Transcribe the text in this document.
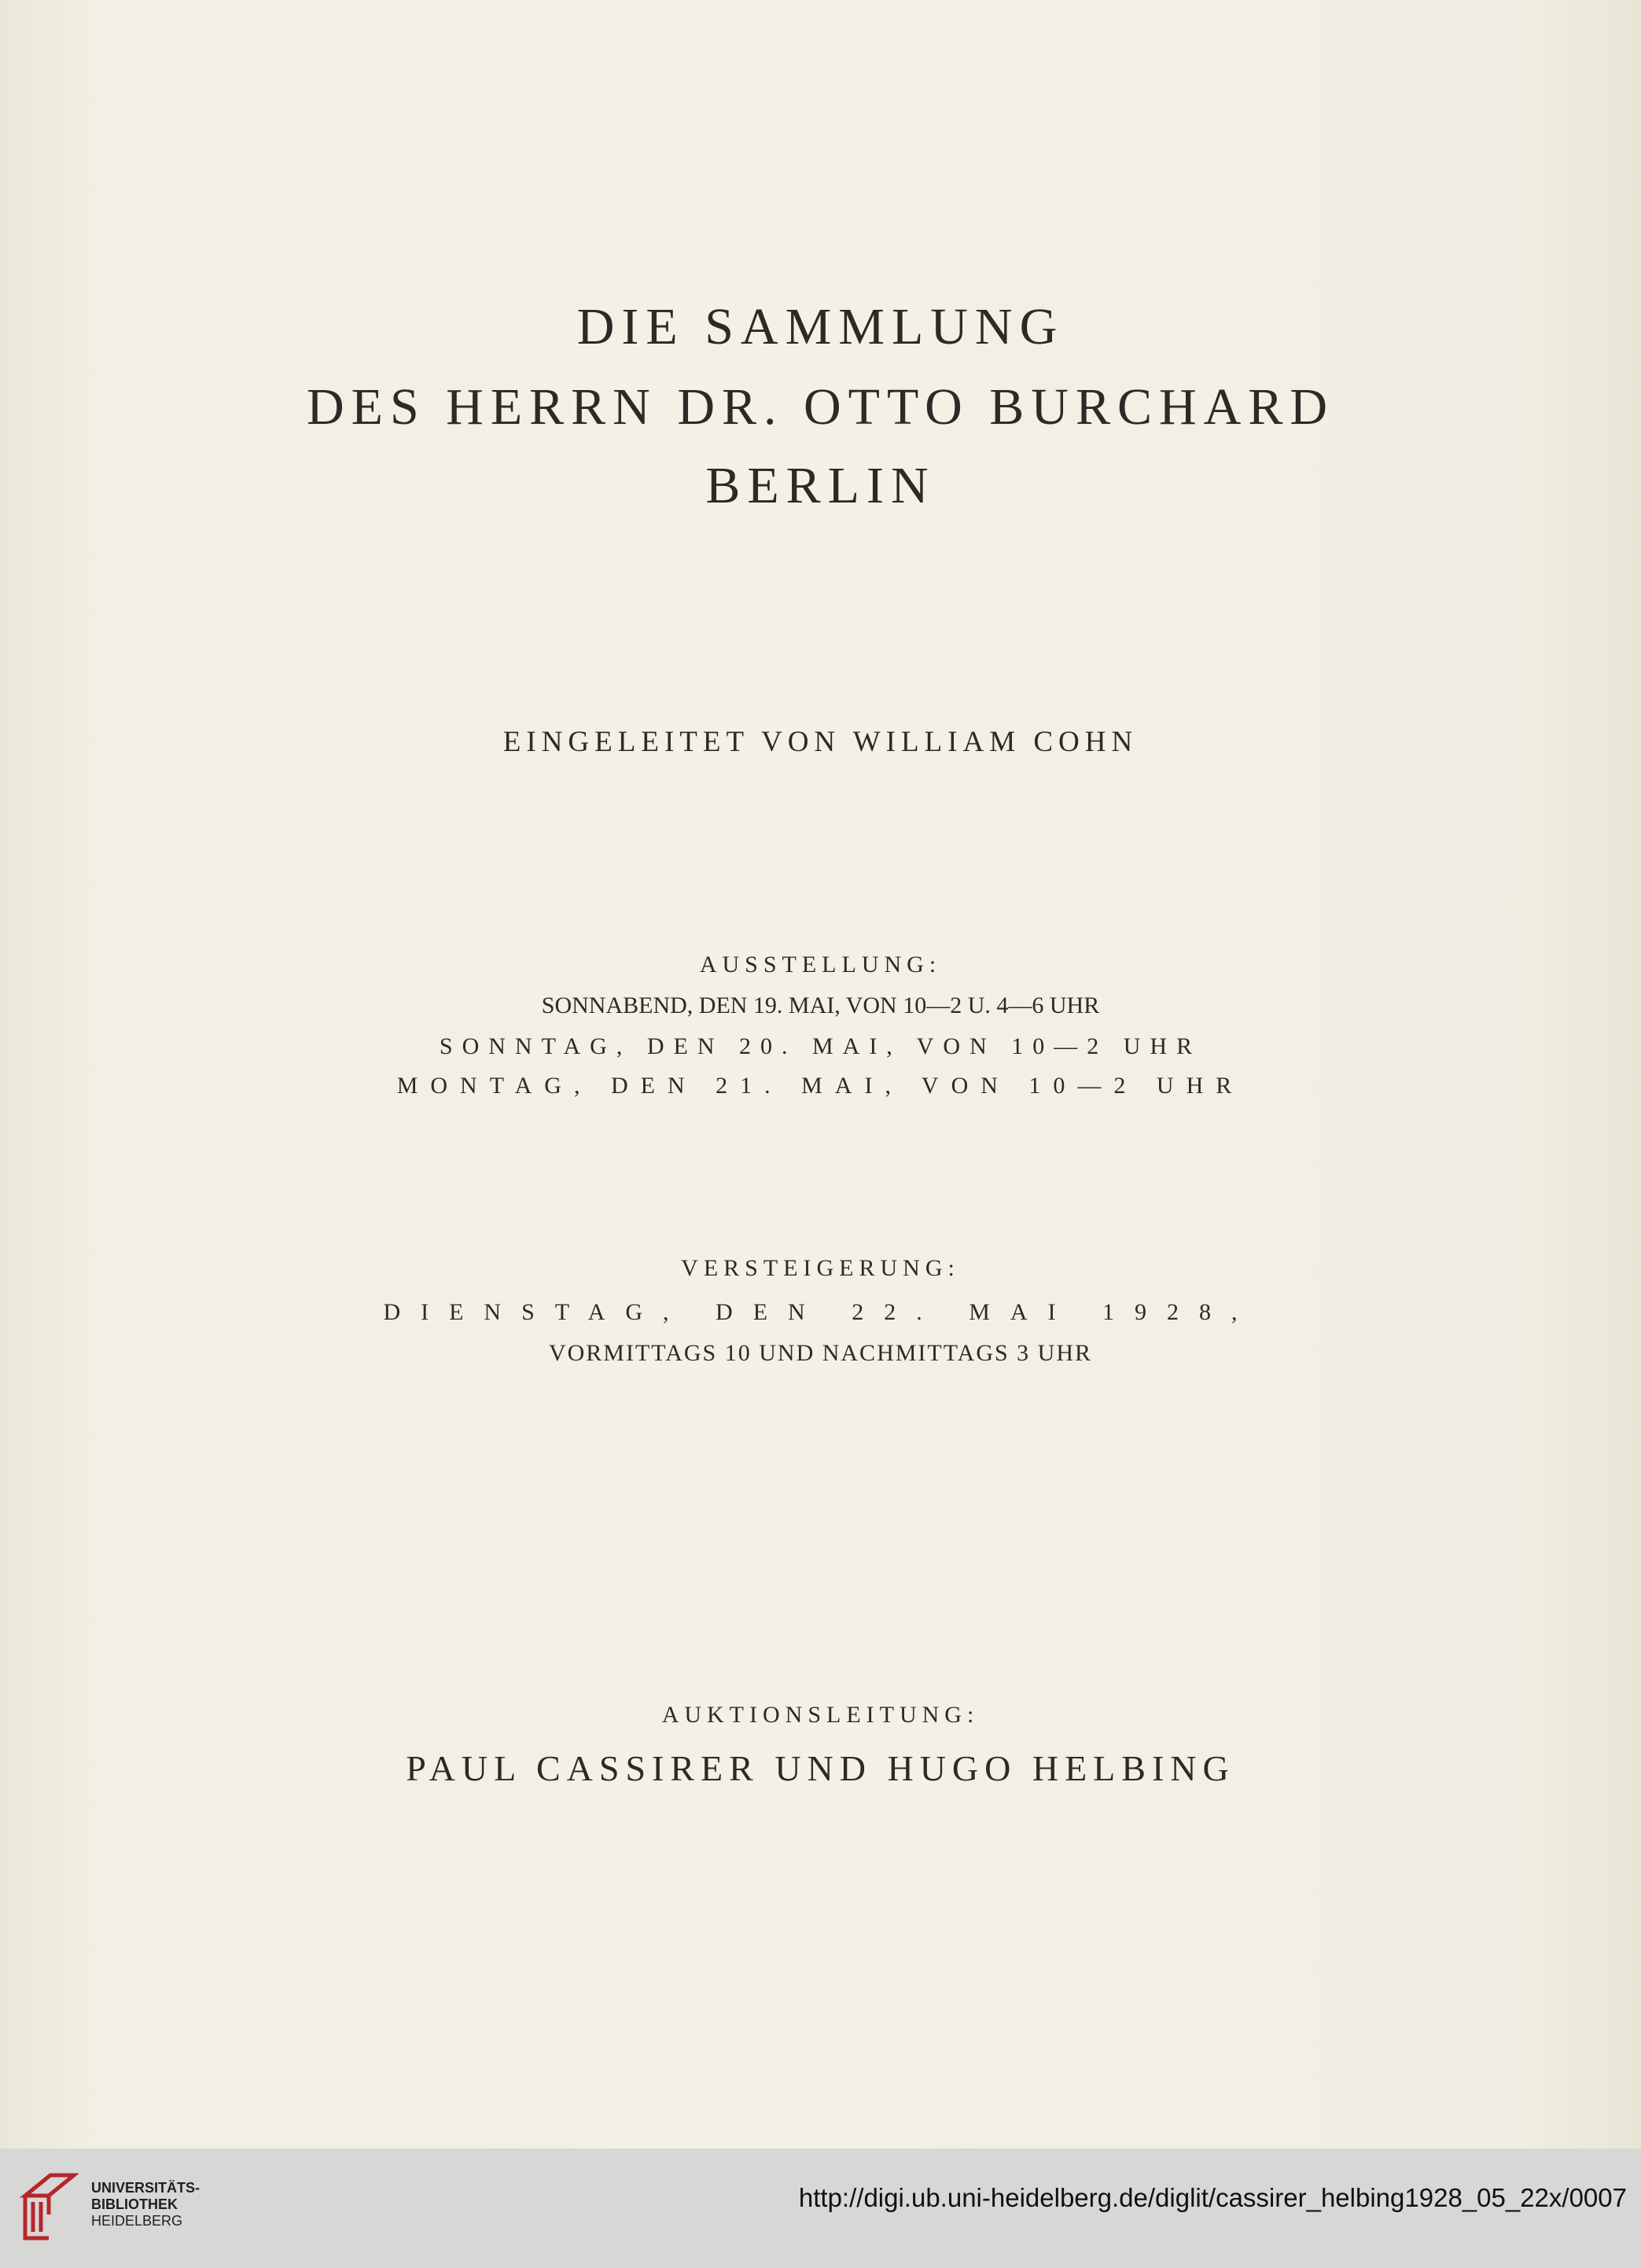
DIE SAMMLUNG
DES HERRN DR. OTTO BURCHARD
BERLIN
EINGELEITET VON WILLIAM COHN
AUSSTELLUNG:
SONNABEND, DEN 19. MAI, VON 10—2 U. 4—6 UHR
SONNTAG, DEN 20. MAI, VON 10—2 UHR
MONTAG, DEN 21. MAI, VON 10—2 UHR
VERSTEIGERUNG:
DIENSTAG, DEN 22. MAI 1928,
VORMITTAGS 10 UND NACHMITTAGS 3 UHR
AUKTIONSLEITUNG:
PAUL CASSIRER UND HUGO HELBING
UNIVERSITÄTS-
BIBLIOTHEK
HEIDELBERG
http://digi.ub.uni-heidelberg.de/diglit/cassirer_helbing1928_05_22x/0007
